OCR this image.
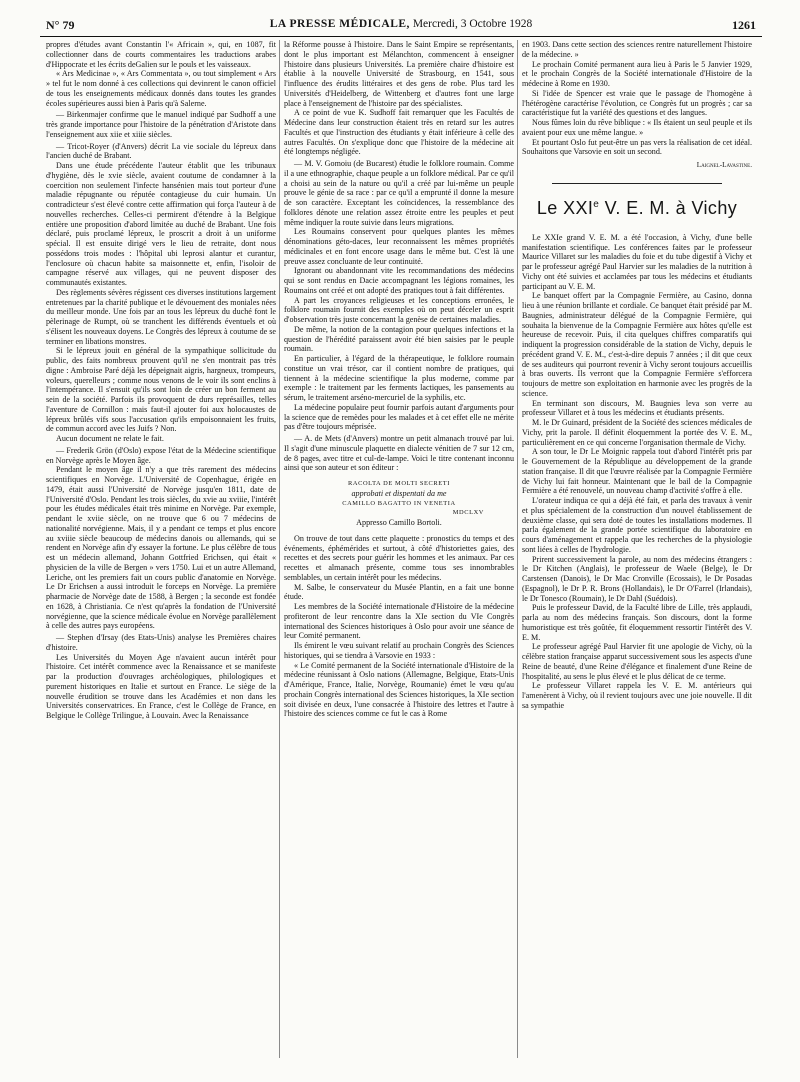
N° 79	LA PRESSE MÉDICALE, Mercredi, 3 Octobre 1928	1261

propres d'études avant Constantin l'« Africain », qui, en 1087, fit collectionner dans de courts commentaires les traductions arabes d'Hippocrate et les écrits deGalien sur le pouls et les vaisseaux.

« Ars Medicinae », « Ars Commentata », ou tout simplement « Ars » tel fut le nom donné à ces collections qui devinrent le canon officiel de tous les enseignements médicaux donnés dans toutes les grandes écoles supérieures aussi bien à Paris qu'à Salerne.

— Birkenmajer confirme que le manuel indiqué par Sudhoff a une très grande importance pour l'histoire de la pénétration d'Aristote dans l'enseignement aux xiie et xiiie siècles.

— Tricot-Royer (d'Anvers) décrit La vie sociale du lépreux dans l'ancien duché de Brabant.

Dans une étude précédente l'auteur établit que les tribunaux d'hygiène, dès le xvie siècle, avaient coutume de condamner à la coercition non seulement l'infecte hansénien mais tout porteur d'une maladie répugnante ou réputée contagieuse du cuir humain. Un contradicteur s'est élevé contre cette affirmation qui força l'auteur à de nouvelles recherches. Celles-ci permirent d'étendre à la Belgique entière une proposition d'abord limitée au duché de Brabant. Une fois déclaré, puis proclamé lépreux, le proscrit a droit à un uniforme spécial. Il est ensuite dirigé vers le lieu de retraite, dont nous possédons trois modes : l'hôpital ubi leprosi alantur et curantur, l'enclosure où chacun habite sa maisonnette et, enfin, l'isoloir de campagne réservé aux villages, qui ne peuvent disposer des communautés existantes.

Des règlements sévères régissent ces diverses institutions largement entretenues par la charité publique et le dévouement des moniales nées du meilleur monde. Une fois par an tous les lépreux du duché font le pèlerinage de Rumpt, où se tranchent les différends éventuels et où s'élisent les nouveaux doyens. Le Congrès des lépreux à coutume de se terminer en libations monstres.

Si le lépreux jouit en général de la sympathique sollicitude du public, des faits nombreux prouvent qu'il ne s'en montrait pas très digne : Ambroise Paré déjà les dépeignait aigris, hargneux, trompeurs, voleurs, querelleurs ; comme nous venons de le voir ils sont enclins à l'intempérance. Il s'ensuit qu'ils sont loin de créer un bon ferment au sein de la société. Parfois ils provoquent de durs représailles, telles l'aventure de Cornillon : mais faut-il ajouter foi aux holocaustes de lépreux brûlés vifs sous l'accusation qu'ils empoisonnaient les fruits, de commun accord avec les Juifs ? Non.

Aucun document ne relate le fait.

— Frederik Grön (d'Oslo) expose l'état de la Médecine scientifique en Norvège après le Moyen âge.

Pendant le moyen âge il n'y a que très rarement des médecins scientifiques en Norvège. L'Université de Copenhague, érigée en 1479, était aussi l'Université de Norvège jusqu'en 1811, date de l'Université d'Oslo. Pendant les trois siècles, du xvie au xviiie, l'intérêt pour les études médicales était très minime en Norvège. Par exemple, pendant le xviie siècle, on ne trouve que 6 ou 7 médecins de nationalité norvégienne. Mais, il y a pendant ce temps et plus encore au xviiie siècle beaucoup de médecins danois ou allemands, qui se rendent en Norvège afin d'y essayer la fortune. Le plus célèbre de tous est un médecin allemand, Johann Gottfried Erichsen, qui était « physicien de la ville de Bergen » vers 1750. Lui et un autre Allemand, Leriche, ont les premiers fait un cours public d'anatomie en Norvège. Le Dr Erichsen a aussi introduit le forceps en Norvège. La première pharmacie de Norvège date de 1588, à Bergen ; la seconde est fondée en 1628, à Christiania. Ce n'est qu'après la fondation de l'Université norvégienne, que la science médicale évolue en Norvège parallèlement à celle des autres pays européens.

— Stephen d'Irsay (des Etats-Unis) analyse les Premières chaires d'histoire.

Les Universités du Moyen Age n'avaient aucun intérêt pour l'histoire. Cet intérêt commence avec la Renaissance et se manifeste par la production d'ouvrages archéologiques, philologiques et purement historiques en Italie et surtout en France. Le siège de la nouvelle érudition se trouve dans les Académies et non dans les Universités conservatrices. En France, c'est le Collège de France, en Belgique le Collège Trilingue, à Louvain. Avec la Renaissance

la Réforme pousse à l'histoire. Dans le Saint Empire se représentants, dont le plus important est Mélanchton, commencent à enseigner l'histoire dans plusieurs Universités. La première chaire d'histoire est établie à la nouvelle Université de Strasbourg, en 1541, sous l'influence des érudits littéraires et des gens de robe. Plus tard les Universités d'Heidelberg, de Wittenberg et d'autres font une large place à l'enseignement de l'histoire par des spécialistes.

A ce point de vue K. Sudhoff fait remarquer que les Facultés de Médecine dans leur construction étaient très en retard sur les autres Facultés et que l'instruction des étudiants y était inférieure à celle des autres Facultés. On s'explique donc que l'histoire de la médecine ait été longtemps négligée.

— M. V. Gomoiu (de Bucarest) étudie le folklore roumain. Comme il a une ethnographie, chaque peuple a un folklore médical. Par ce qu'il a choisi au sein de la nature ou qu'il a créé par lui-même un peuple prouve le génie de sa race : par ce qu'il a emprunté il donne la mesure de son caractère. Exceptant les coïncidences, la ressemblance des folklores dénote une relation assez étroite entre les peuples et peut même indiquer la route suivie dans leurs migrations.

Les Roumains conservent pour quelques plantes les mêmes dénominations géto-daces, leur reconnaissent les mêmes propriétés médicinales et en font encore usage dans le même but. C'est là une preuve assez concluante de leur continuité.

Ignorant ou abandonnant vite les recommandations des médecins qui se sont rendus en Dacie accompagnant les légions romaines, les Roumains ont créé et ont adopté des pratiques tout à fait différentes.

A part les croyances religieuses et les conceptions erronées, le folklore roumain fournit des exemples où on peut déceler un esprit d'observation très juste concernant la genèse de certaines maladies.

De même, la notion de la contagion pour quelques infections et la question de l'hérédité paraissent avoir été bien saisies par le peuple roumain.

En particulier, à l'égard de la thérapeutique, le folklore roumain constitue un vrai trésor, car il contient nombre de pratiques, qui tiennent à la médecine scientifique la plus moderne, comme par exemple : le traitement par les ferments lactiques, les pansements au sérum, le traitement arséno-mercuriel de la syphilis, etc.

La médecine populaire peut fournir parfois autant d'arguments pour la science que de remèdes pour les malades et à cet effet elle ne mérite pas d'être toujours méprisée.

— A. de Mets (d'Anvers) montre un petit almanach trouvé par lui. Il s'agit d'une minuscule plaquette en dialecte vénitien de 7 sur 12 cm, de 8 pages, avec titre et cul-de-lampe. Voici le titre contenant inconnu ainsi que son auteur et son éditeur :

RACOLTA DE MOLTI SECRETI

approbati et dispentati da me

CAMILLO BAGATTO IN VENETIA

MDCLXV

Appresso Camillo Bortoli.

On trouve de tout dans cette plaquette : pronostics du temps et des événements, éphémérides et surtout, à côté d'historiettes gaies, des recettes et des secrets pour guérir les hommes et les animaux. Par ces recettes et almanach présente, comme tous ses innombrables semblables, un certain intérêt pour les médecins.

M. Salbe, le conservateur du Musée Plantin, en a fait une bonne étude.

Les membres de la Société internationale d'Histoire de la médecine profiteront de leur rencontre dans la XIe section du VIe Congrès international des Sciences historiques à Oslo pour avoir une séance de leur Comité permanent.

Ils émirent le vœu suivant relatif au prochain Congrès des Sciences historiques, qui se tiendra à Varsovie en 1933 :

« Le Comité permanent de la Société internationale d'Histoire de la médecine réunissant à Oslo nations (Allemagne, Belgique, Etats-Unis d'Amérique, France, Italie, Norvège, Roumanie) émet le vœu qu'au prochain Congrès international des Sciences historiques, la XIe section soit divisée en deux, l'une consacrée à l'histoire des lettres et l'autre à l'histoire des sciences comme ce fut le cas à Rome

en 1903. Dans cette section des sciences rentre naturellement l'histoire de la médecine. »

Le prochain Comité permanent aura lieu à Paris le 5 Janvier 1929, et le prochain Congrès de la Société internationale d'Histoire de la médecine à Rome en 1930.

Si l'idée de Spencer est vraie que le passage de l'homogène à l'hétérogène caractérise l'évolution, ce Congrès fut un progrès ; car sa caractéristique fut la variété des questions et des langues.

Nous fûmes loin du rêve biblique : « Ils étaient un seul peuple et ils avaient pour eux une même langue. »

Et pourtant Oslo fut peut-être un pas vers la réalisation de cet idéal. Souhaitons que Varsovie en soit un second.

Laignel-Lavastine.

Le XXIe V. E. M. à Vichy

Le XXIe grand V. E. M. a été l'occasion, à Vichy, d'une belle manifestation scientifique. Les conférences faites par le professeur Maurice Villaret sur les maladies du foie et du tube digestif à Vichy et par le professeur agrégé Paul Harvier sur les maladies de la nutrition à Vichy ont été suivies et acclamées par tous les médecins et étudiants participant au V. E. M.

Le banquet offert par la Compagnie Fermière, au Casino, donna lieu à une réunion brillante et cordiale. Ce banquet était présidé par M. Baugnies, administrateur délégué de la Compagnie Fermière, qui souhaita la bienvenue de la Compagnie Fermière aux hôtes qu'elle est heureuse de recevoir. Puis, il cita quelques chiffres comparatifs qui indiquent la progression considérable de la station de Vichy, depuis le précédent grand V. E. M., c'est-à-dire depuis 7 années ; il dit que ceux de ses auditeurs qui pourront revenir à Vichy seront toujours accueillis à bras ouverts. Ils verront que la Compagnie Fermière s'efforcera toujours de mettre son exploitation en harmonie avec les progrès de la science.

En terminant son discours, M. Baugnies leva son verre au professeur Villaret et à tous les médecins et étudiants présents.

M. le Dr Guinard, président de la Société des sciences médicales de Vichy, prit la parole. Il définit éloquemment la portée des V. E. M., particulièrement en ce qui concerne l'organisation thermale de Vichy.

A son tour, le Dr Le Moignic rappela tout d'abord l'intérêt pris par le Gouvernement de la République au développement de la grande station française. Il dit que l'œuvre réalisée par la Compagnie Fermière de Vichy lui fait honneur. Maintenant que le bail de la Compagnie Fermière a été renouvelé, un nouveau champ d'activité s'offre à elle.

L'orateur indiqua ce qui a déjà été fait, et parla des travaux à venir et plus spécialement de la construction d'un nouvel établissement de deuxième classe, qui sera doté de toutes les installations modernes. Il parla également de la grande portée scientifique du laboratoire en cours d'aménagement et rappela que les recherches de la physiologie sont liées à celles de l'hydrologie.

Prirent successivement la parole, au nom des médecins étrangers : le Dr Kitchen (Anglais), le professeur de Waele (Belge), le Dr Carstensen (Danois), le Dr Mac Cronville (Ecossais), le Dr Posadas (Espagnol), le Dr P. R. Brons (Hollandais), le Dr O'Farrel (Irlandais), le Dr Tonesco (Roumain), le Dr Dahl (Suédois).

Puis le professeur David, de la Faculté libre de Lille, très applaudi, parla au nom des médecins français. Son discours, dont la forme humoristique est très goûtée, fit éloquemment ressortir l'intérêt des V. E. M.

Le professeur agrégé Paul Harvier fit une apologie de Vichy, où la célèbre station française apparut successivement sous les aspects d'une Reine de beauté, d'une Reine d'élégance et finalement d'une Reine de l'hospitalité, au sens le plus élevé et le plus délicat de ce terme.

Le professeur Villaret rappela les V. E. M. antérieurs qui l'amenèrent à Vichy, où il revient toujours avec une joie nouvelle. Il dit sa sympathie
